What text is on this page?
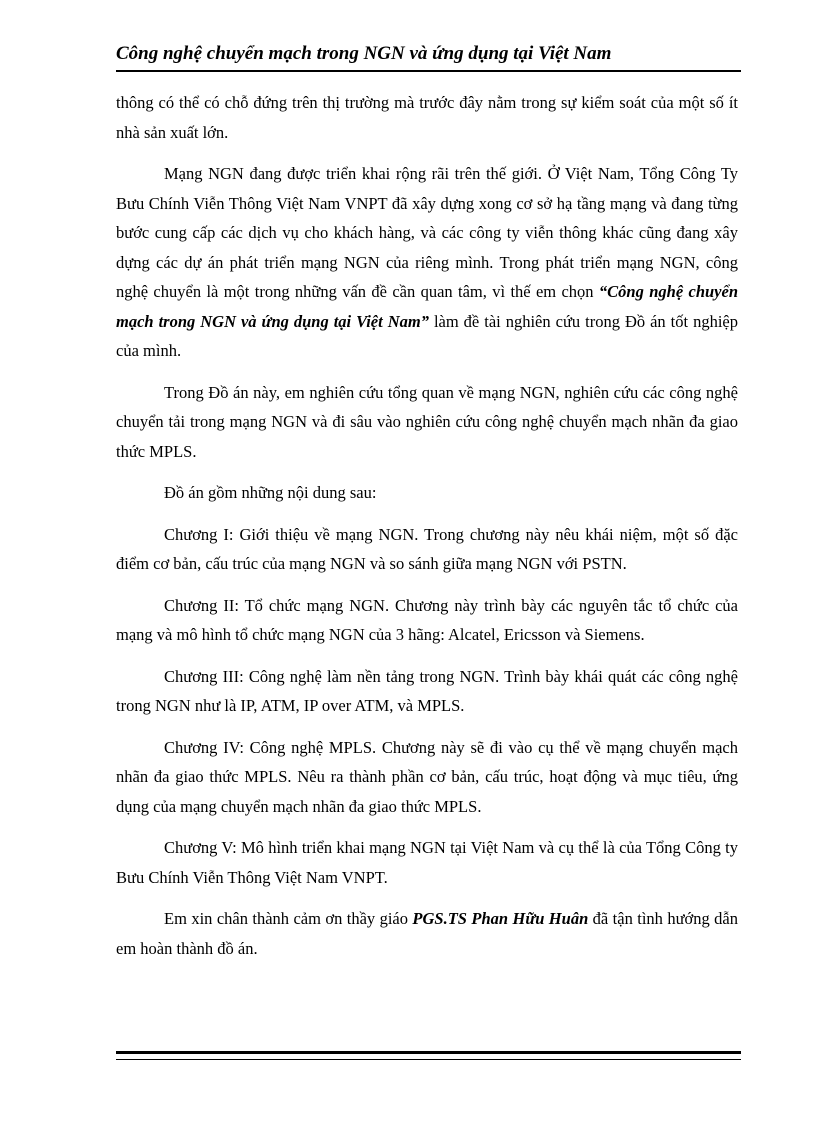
Công nghệ chuyển mạch trong NGN và ứng dụng tại Việt Nam

thông có thể có chỗ đứng trên thị trường mà trước đây nằm trong sự kiểm soát của một số ít nhà sản xuất lớn.

Mạng NGN đang được triển khai rộng rãi trên thế giới. Ở Việt Nam, Tổng Công Ty Bưu Chính Viễn Thông Việt Nam VNPT đã xây dựng xong cơ sở hạ tầng mạng và đang từng bước cung cấp các dịch vụ cho khách hàng, và các công ty viễn thông khác cũng đang xây dựng các dự án phát triển mạng NGN của riêng mình. Trong phát triển mạng NGN, công nghệ chuyển là một trong những vấn đề cần quan tâm, vì thế em chọn “Công nghệ chuyển mạch trong NGN và ứng dụng tại Việt Nam” làm đề tài nghiên cứu trong Đồ án tốt nghiệp của mình.

Trong Đồ án này, em nghiên cứu tổng quan về mạng NGN, nghiên cứu các công nghệ chuyển tải trong mạng NGN và đi sâu vào nghiên cứu công nghệ chuyển mạch nhãn đa giao thức MPLS.

Đồ án gồm những nội dung sau:

Chương I: Giới thiệu về mạng NGN. Trong chương này nêu khái niệm, một số đặc điểm cơ bản, cấu trúc của mạng NGN và so sánh giữa mạng NGN với PSTN.

Chương II: Tổ chức mạng NGN. Chương này trình bày các nguyên tắc tổ chức của mạng và mô hình tổ chức mạng NGN của 3 hãng: Alcatel, Ericsson và Siemens.

Chương III: Công nghệ làm nền tảng trong NGN. Trình bày khái quát các công nghệ trong NGN như là IP, ATM, IP over ATM, và MPLS.

Chương IV: Công nghệ MPLS. Chương này sẽ đi vào cụ thể về mạng chuyển mạch nhãn đa giao thức MPLS. Nêu ra thành phần cơ bản, cấu trúc, hoạt động và mục tiêu, ứng dụng của mạng chuyển mạch nhãn đa giao thức MPLS.

Chương V: Mô hình triển khai mạng NGN tại Việt Nam và cụ thể là của Tổng Công ty Bưu Chính Viễn Thông Việt Nam VNPT.

Em xin chân thành cảm ơn thầy giáo PGS.TS Phan Hữu Huân đã tận tình hướng dẫn em hoàn thành đồ án.
